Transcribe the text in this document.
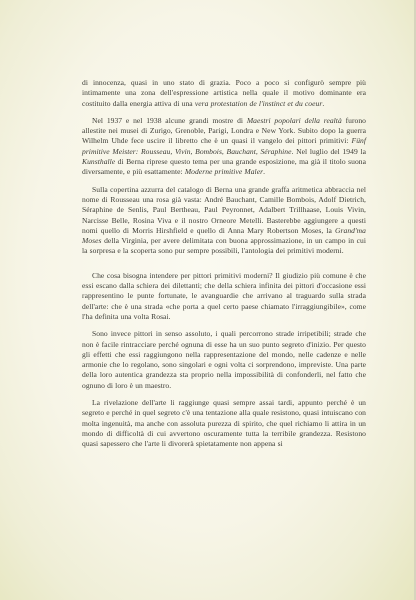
di innocenza, quasi in uno stato di grazia. Poco a poco si configurò sempre più intimamente una zona dell'espressione artistica nella quale il motivo dominante era costituito dalla energia attiva di una vera protestation de l'instinct et du coeur.

Nel 1937 e nel 1938 alcune grandi mostre di Maestri popolari della realtà furono allestite nei musei di Zurigo, Grenoble, Parigi, Londra e New York. Subito dopo la guerra Wilhelm Uhde fece uscire il libretto che è un quasi il vangelo dei pittori primitivi: Fünf primitive Meister: Rousseau, Vivin, Bombois, Bauchant, Séraphine. Nel luglio del 1949 la Kunsthalle di Berna riprese questo tema per una grande esposizione, ma già il titolo suona diversamente, e più esattamente: Moderne primitive Maler.

Sulla copertina azzurra del catalogo di Berna una grande graffa aritmetica abbraccia nel nome di Rousseau una rosa già vasta: André Bauchant, Camille Bombois, Adolf Dietrich, Séraphine de Senlis, Paul Bertheau, Paul Peyronnet, Adalbert Trillhaase, Louis Vivin, Narcisse Belle, Rosina Viva e il nostro Orneore Metelli. Basterebbe aggiungere a questi nomi quello di Morris Hirshfield e quello di Anna Mary Robertson Moses, la Grand'ma Moses della Virginia, per avere delimitata con buona approssimazione, in un campo in cui la sorpresa e la scoperta sono pur sempre possibili, l'antologia dei primitivi moderni.

Che cosa bisogna intendere per pittori primitivi moderni? Il giudizio più comune è che essi escano dalla schiera dei dilettanti; che della schiera infinita dei pittori d'occasione essi rappresentino le punte fortunate, le avanguardie che arrivano al traguardo sulla strada dell'arte: che è una strada «che porta a quel certo paese chiamato l'irraggiungibile», come l'ha definita una volta Rosai.

Sono invece pittori in senso assoluto, i quali percorrono strade irripetibili; strade che non è facile rintracciare perché ognuna di esse ha un suo punto segreto d'inizio. Per questo gli effetti che essi raggiungono nella rappresentazione del mondo, nelle cadenze e nelle armonie che lo regolano, sono singolari e ogni volta ci sorprendono, impreviste. Una parte della loro autentica grandezza sta proprio nella impossibilità di confonderli, nel fatto che ognuno di loro è un maestro.

La rivelazione dell'arte li raggiunge quasi sempre assai tardi, appunto perché è un segreto e perché in quel segreto c'è una tentazione alla quale resistono, quasi intuiscano con molta ingenuità, ma anche con assoluta purezza di spirito, che quel richiamo li attira in un mondo di difficoltà di cui avvertono oscuramente tutta la terribile grandezza. Resistono quasi sapessero che l'arte li divorerà spietatamente non appena si
